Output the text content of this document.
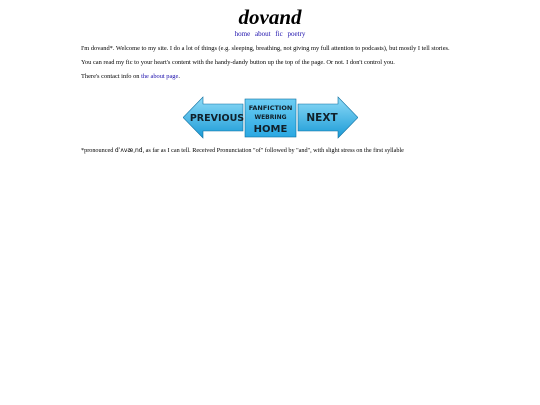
dovand
home about fic poetry

I'm dovand*. Welcome to my site. I do a lot of things (e.g. sleeping, breathing, not giving my full attention to podcasts), but mostly I tell stories.

You can read my fic to your heart's content with the handy-dandy button up the top of the page. Or not. I don't control you.

There's contact info on the about page.

PREVIOUS
FANFICTION
WEBRING
HOME
NEXT
*pronounced dˈʌvæˌnd, as far as I can tell. Received Pronunciation "of" followed by "and", with slight stress on the first syllable
